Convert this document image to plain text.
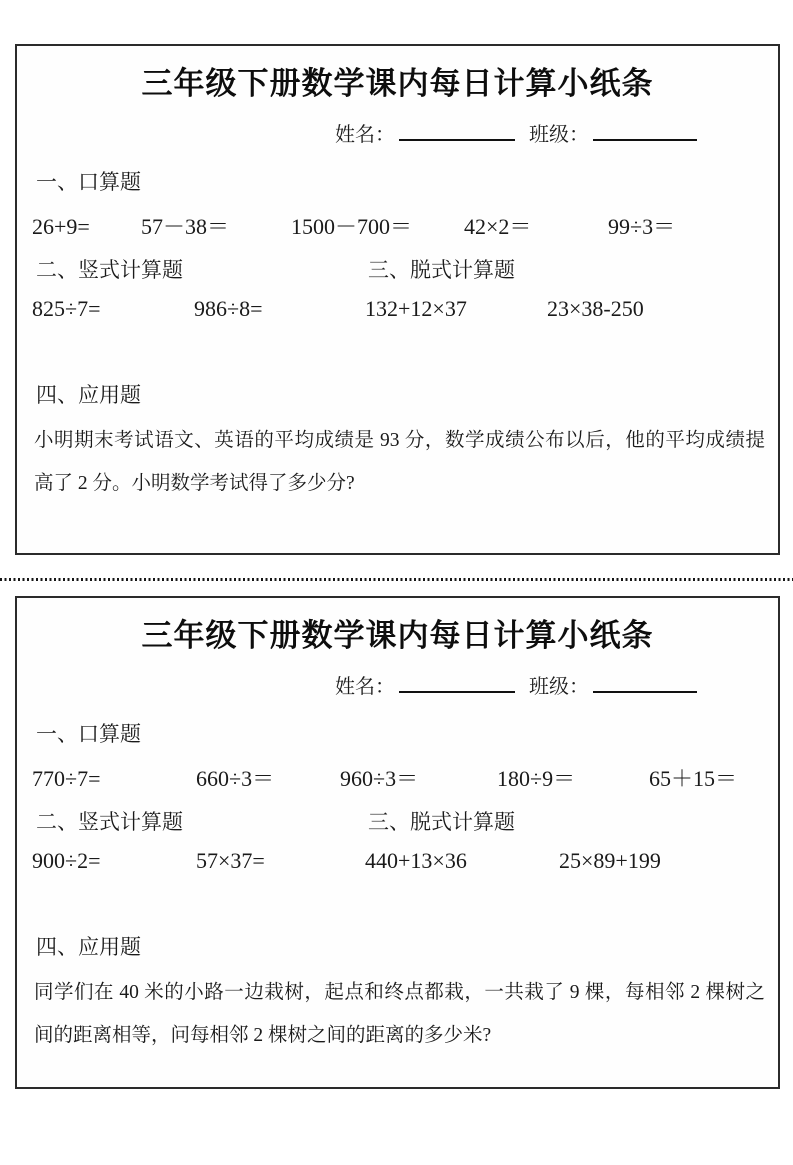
三年级下册数学课内每日计算小纸条
姓名：	班级：
一、口算题
26+9= 57－38＝	1500－700＝ 42×2＝	99÷3＝
二、竖式计算题	三、脱式计算题
825÷7=	986÷8=	132+12×37	23×38-250
四、应用题
小明期末考试语文、英语的平均成绩是 93 分，数学成绩公布以后，他的平均成绩提高了 2 分。小明数学考试得了多少分?
三年级下册数学课内每日计算小纸条
姓名：	班级：
一、口算题
770÷7=	660÷3＝	960÷3＝	180÷9＝	65＋15＝
二、竖式计算题	三、脱式计算题
900÷2=	57×37=	440+13×36	25×89+199
四、应用题
同学们在 40 米的小路一边栽树，起点和终点都栽，一共栽了 9 棵，每相邻 2 棵树之间的距离相等，问每相邻 2 棵树之间的距离的多少米?
